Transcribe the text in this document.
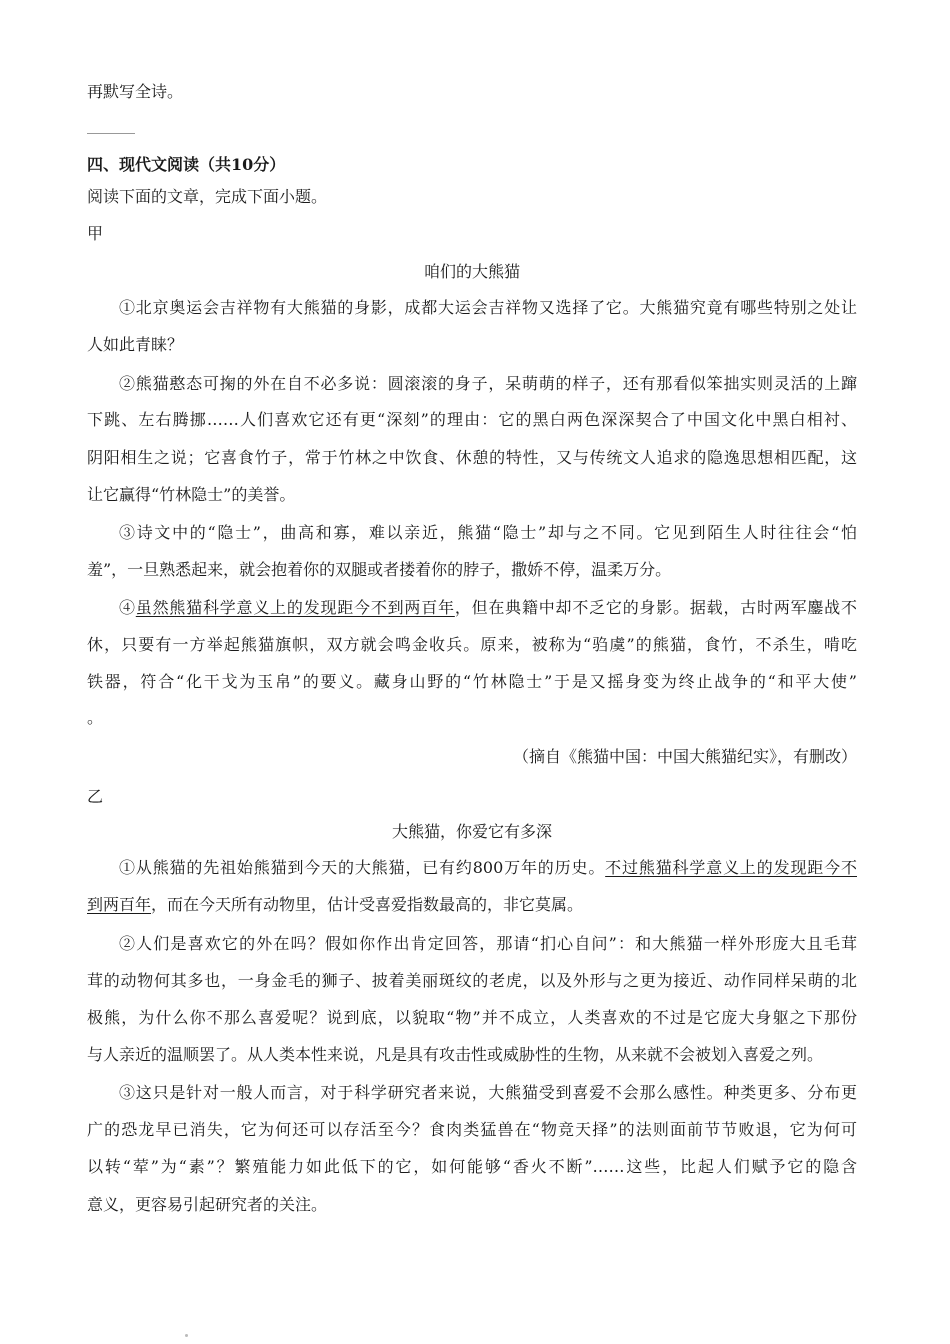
再默写全诗。
四、现代文阅读（共10分）
阅读下面的文章，完成下面小题。
甲
咱们的大熊猫
①北京奥运会吉祥物有大熊猫的身影，成都大运会吉祥物又选择了它。大熊猫究竟有哪些特别之处让
人如此青睐？
②熊猫憨态可掬的外在自不必多说：圆滚滚的身子，呆萌萌的样子，还有那看似笨拙实则灵活的上蹿
下跳、左右腾挪……人们喜欢它还有更“深刻”的理由：它的黑白两色深深契合了中国文化中黑白相衬、
阴阳相生之说；它喜食竹子，常于竹林之中饮食、休憩的特性，又与传统文人追求的隐逸思想相匹配，这
让它赢得“竹林隐士”的美誉。
③诗文中的“隐士”，曲高和寡，难以亲近，熊猫“隐士”却与之不同。它见到陌生人时往往会“怕
羞”，一旦熟悉起来，就会抱着你的双腿或者搂着你的脖子，撒娇不停，温柔万分。
④虽然熊猫科学意义上的发现距今不到两百年，但在典籍中却不乏它的身影。据载，古时两军鏖战不
休，只要有一方举起熊猫旗帜，双方就会鸣金收兵。原来，被称为“驺虞”的熊猫，食竹，不杀生，啃吃
铁器，符合“化干戈为玉帛”的要义。藏身山野的“竹林隐士”于是又摇身变为终止战争的“和平大使”
。
（摘自《熊猫中国：中国大熊猫纪实》，有删改）
乙
大熊猫，你爱它有多深
①从熊猫的先祖始熊猫到今天的大熊猫，已有约800万年的历史。不过熊猫科学意义上的发现距今不
到两百年，而在今天所有动物里，估计受喜爱指数最高的，非它莫属。
②人们是喜欢它的外在吗？假如你作出肯定回答，那请“扪心自问”：和大熊猫一样外形庞大且毛茸
茸的动物何其多也，一身金毛的狮子、披着美丽斑纹的老虎，以及外形与之更为接近、动作同样呆萌的北
极熊，为什么你不那么喜爱呢？说到底，以貌取“物”并不成立，人类喜欢的不过是它庞大身躯之下那份
与人亲近的温顺罢了。从人类本性来说，凡是具有攻击性或威胁性的生物，从来就不会被划入喜爱之列。
③这只是针对一般人而言，对于科学研究者来说，大熊猫受到喜爱不会那么感性。种类更多、分布更
广的恐龙早已消失，它为何还可以存活至今？食肉类猛兽在“物竞天择”的法则面前节节败退，它为何可
以转“荤”为“素”？繁殖能力如此低下的它，如何能够“香火不断”……这些，比起人们赋予它的隐含
意义，更容易引起研究者的关注。
